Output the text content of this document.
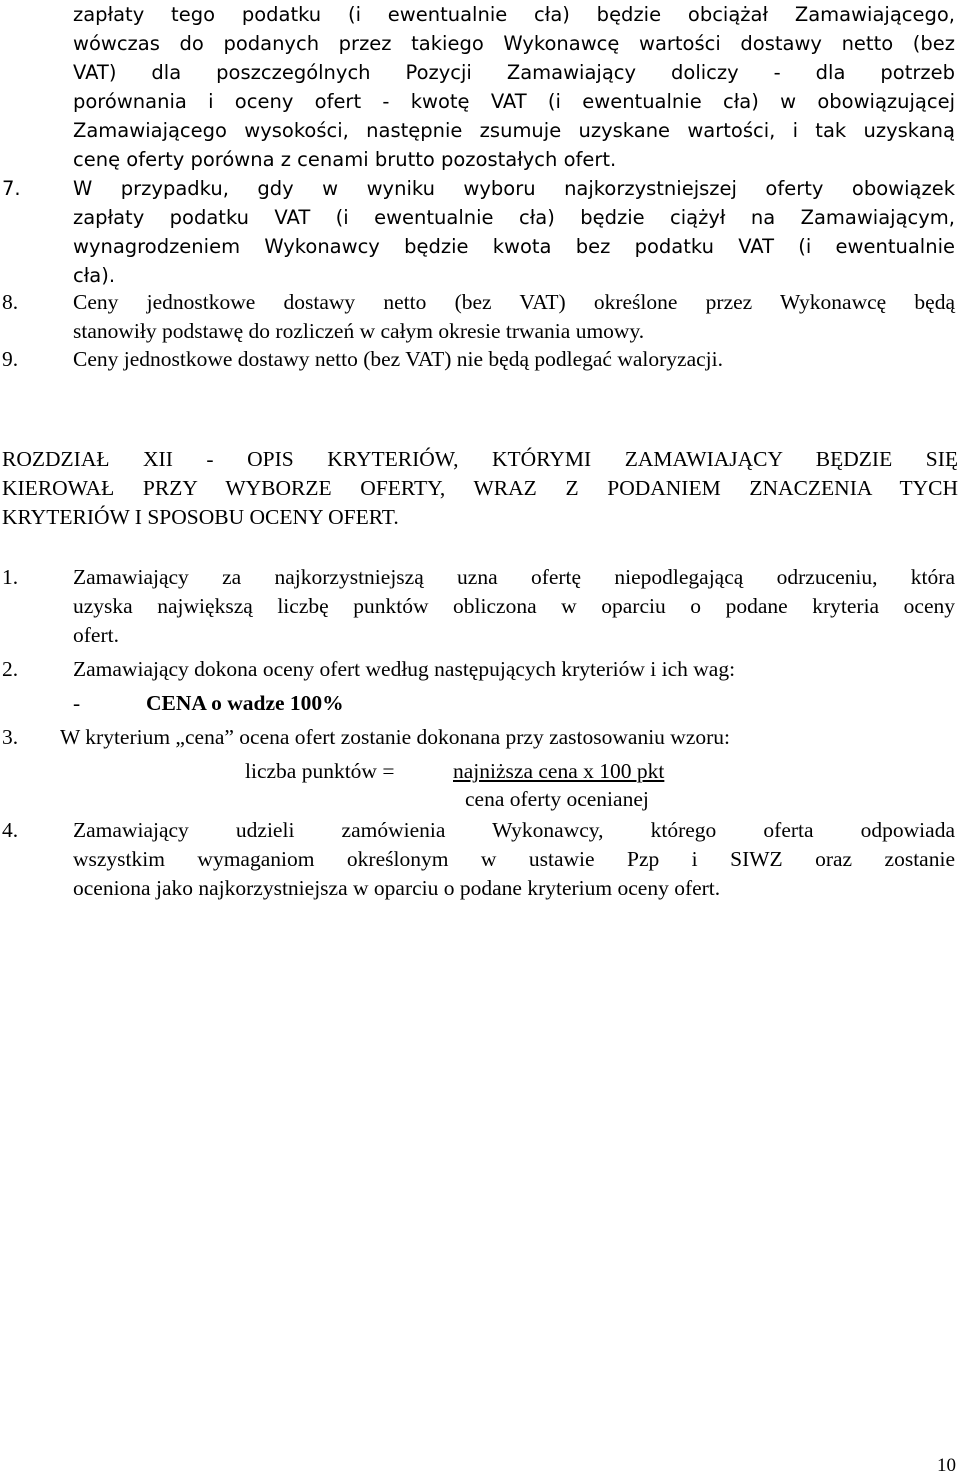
zapłaty tego podatku (i ewentualnie cła) będzie obciążał Zamawiającego,
wówczas do podanych przez takiego Wykonawcę wartości dostawy netto (bez
VAT) dla poszczególnych Pozycji Zamawiający doliczy - dla potrzeb
porównania i oceny ofert - kwotę VAT (i ewentualnie cła) w obowiązującej
Zamawiającego wysokości, następnie zsumuje uzyskane wartości, i tak uzyskaną
cenę oferty porówna z cenami brutto pozostałych ofert.
7.	W przypadku, gdy w wyniku wyboru najkorzystniejszej oferty obowiązek
zapłaty podatku VAT (i ewentualnie cła) będzie ciążył na Zamawiającym,
wynagrodzeniem Wykonawcy będzie kwota bez podatku VAT (i ewentualnie
cła).
8.	Ceny jednostkowe dostawy netto (bez VAT) określone przez Wykonawcę będą
stanowiły podstawę do rozliczeń w całym okresie trwania umowy.
9.	Ceny jednostkowe dostawy netto (bez VAT) nie będą podlegać waloryzacji.
ROZDZIAŁ XII - OPIS KRYTERIÓW, KTÓRYMI ZAMAWIAJĄCY BĘDZIE SIĘ
KIEROWAŁ PRZY WYBORZE OFERTY, WRAZ Z PODANIEM ZNACZENIA TYCH
KRYTERIÓW I SPOSOBU OCENY OFERT.
1.	Zamawiający za najkorzystniejszą uzna ofertę niepodlegającą odrzuceniu, która
uzyska największą liczbę punktów obliczona w oparciu o podane kryteria oceny
ofert.
2.	Zamawiający dokona oceny ofert według następujących kryteriów i ich wag:
-	CENA o wadze 100%
3. W kryterium „cena” ocena ofert zostanie dokonana przy zastosowaniu wzoru:
liczba punktów =	najniższa cena x 100 pkt
cena oferty ocenianej
4.	Zamawiający udzieli zamówienia Wykonawcy, którego oferta odpowiada
wszystkim wymaganiom określonym w ustawie Pzp i SIWZ oraz zostanie
oceniona jako najkorzystniejsza w oparciu o podane kryterium oceny ofert.
10
